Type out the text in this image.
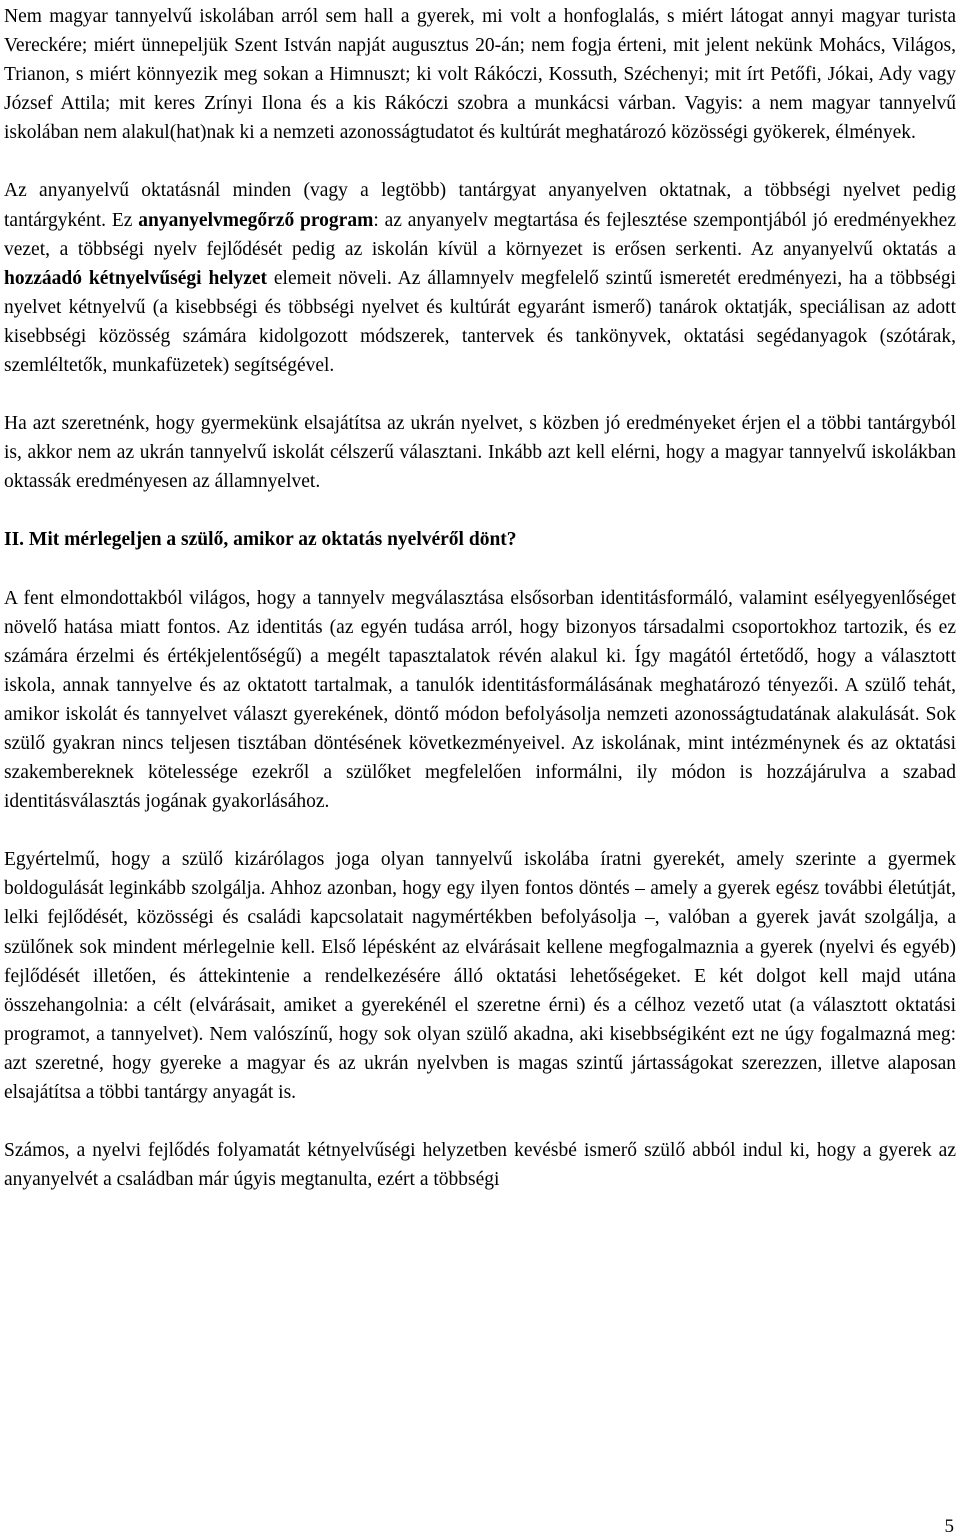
Nem magyar tannyelvű iskolában arról sem hall a gyerek, mi volt a honfoglalás, s miért látogat annyi magyar turista Vereckére; miért ünnepeljük Szent István napját augusztus 20-án; nem fogja érteni, mit jelent nekünk Mohács, Világos, Trianon, s miért könnyezik meg sokan a Himnuszt; ki volt Rákóczi, Kossuth, Széchenyi; mit írt Petőfi, Jókai, Ady vagy József Attila; mit keres Zrínyi Ilona és a kis Rákóczi szobra a munkácsi várban. Vagyis: a nem magyar tannyelvű iskolában nem alakul(hat)nak ki a nemzeti azonosságtudatot és kultúrát meghatározó közösségi gyökerek, élmények.

Az anyanyelvű oktatásnál minden (vagy a legtöbb) tantárgyat anyanyelven oktatnak, a többségi nyelvet pedig tantárgyként. Ez anyanyelvmegőrző program: az anyanyelv megtartása és fejlesztése szempontjából jó eredményekhez vezet, a többségi nyelv fejlődését pedig az iskolán kívül a környezet is erősen serkenti. Az anyanyelvű oktatás a hozzáadó kétnyelvűségi helyzet elemeit növeli. Az államnyelv megfelelő szintű ismeretét eredményezi, ha a többségi nyelvet kétnyelvű (a kisebbségi és többségi nyelvet és kultúrát egyaránt ismerő) tanárok oktatják, speciálisan az adott kisebbségi közösség számára kidolgozott módszerek, tantervek és tankönyvek, oktatási segédanyagok (szótárak, szemléltetők, munkafüzetek) segítségével.

Ha azt szeretnénk, hogy gyermekünk elsajátítsa az ukrán nyelvet, s közben jó eredményeket érjen el a többi tantárgyból is, akkor nem az ukrán tannyelvű iskolát célszerű választani. Inkább azt kell elérni, hogy a magyar tannyelvű iskolákban oktassák eredményesen az államnyelvet.

II. Mit mérlegeljen a szülő, amikor az oktatás nyelvéről dönt?

A fent elmondottakból világos, hogy a tannyelv megválasztása elsősorban identitásformáló, valamint esélyegyenlőséget növelő hatása miatt fontos. Az identitás (az egyén tudása arról, hogy bizonyos társadalmi csoportokhoz tartozik, és ez számára érzelmi és értékjelentőségű) a megélt tapasztalatok révén alakul ki. Így magától értetődő, hogy a választott iskola, annak tannyelve és az oktatott tartalmak, a tanulók identitásformálásának meghatározó tényezői. A szülő tehát, amikor iskolát és tannyelvet választ gyerekének, döntő módon befolyásolja nemzeti azonosságtudatának alakulását. Sok szülő gyakran nincs teljesen tisztában döntésének következményeivel. Az iskolának, mint intézménynek és az oktatási szakembereknek kötelessége ezekről a szülőket megfelelően informálni, ily módon is hozzájárulva a szabad identitásválasztás jogának gyakorlásához.

Egyértelmű, hogy a szülő kizárólagos joga olyan tannyelvű iskolába íratni gyerekét, amely szerinte a gyermek boldogulását leginkább szolgálja. Ahhoz azonban, hogy egy ilyen fontos döntés – amely a gyerek egész további életútját, lelki fejlődését, közösségi és családi kapcsolatait nagymértékben befolyásolja –, valóban a gyerek javát szolgálja, a szülőnek sok mindent mérlegelnie kell. Első lépésként az elvárásait kellene megfogalmaznia a gyerek (nyelvi és egyéb) fejlődését illetően, és áttekintenie a rendelkezésére álló oktatási lehetőségeket. E két dolgot kell majd utána összehangolnia: a célt (elvárásait, amiket a gyerekénél el szeretne érni) és a célhoz vezető utat (a választott oktatási programot, a tannyelvet). Nem valószínű, hogy sok olyan szülő akadna, aki kisebbségiként ezt ne úgy fogalmazná meg: azt szeretné, hogy gyereke a magyar és az ukrán nyelvben is magas szintű jártasságokat szerezzen, illetve alaposan elsajátítsa a többi tantárgy anyagát is.

Számos, a nyelvi fejlődés folyamatát kétnyelvűségi helyzetben kevésbé ismerő szülő abból indul ki, hogy a gyerek az anyanyelvét a családban már úgyis megtanulta, ezért a többségi

5
